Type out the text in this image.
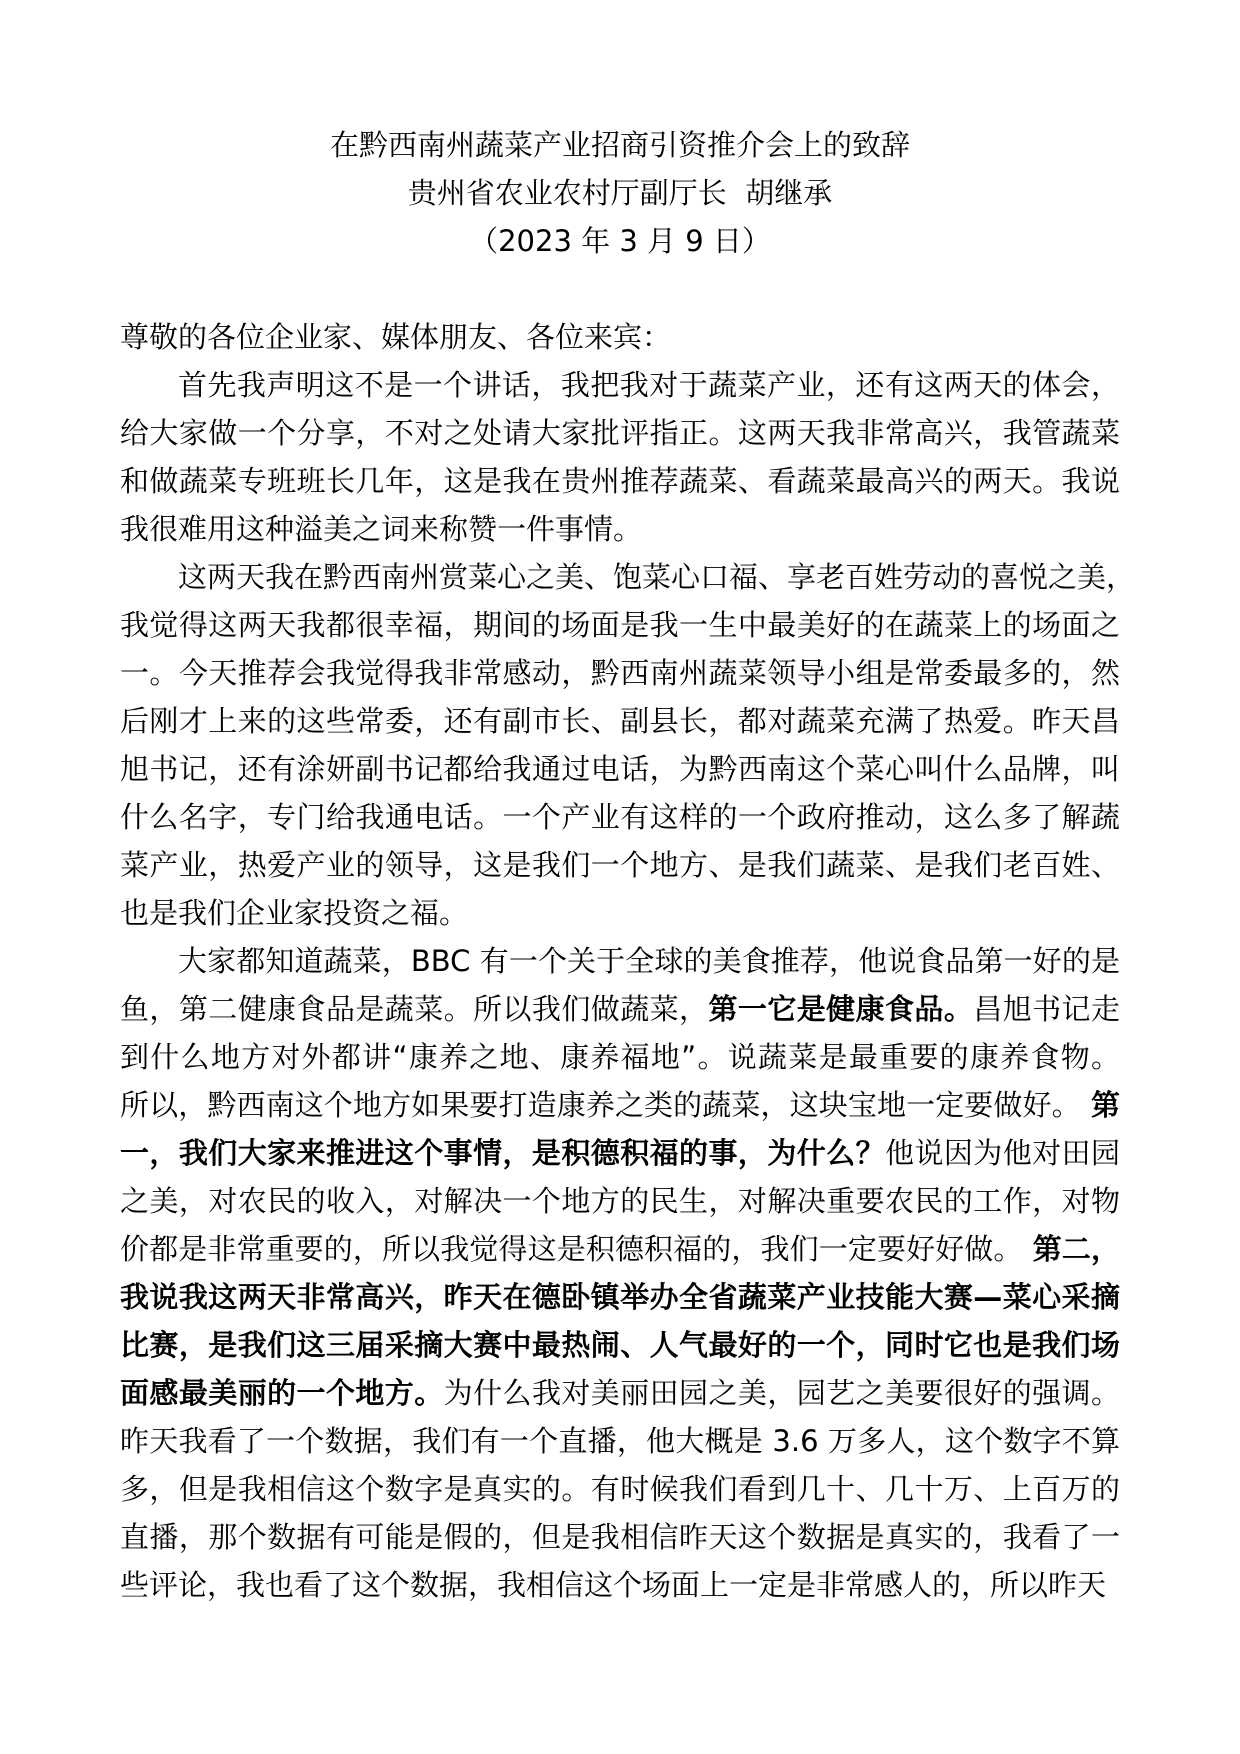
在黔西南州蔬菜产业招商引资推介会上的致辞
贵州省农业农村厅副厅长  胡继承
（2023 年 3 月 9 日）
尊敬的各位企业家、媒体朋友、各位来宾：
首先我声明这不是一个讲话，我把我对于蔬菜产业，还有这两天的体会，
给大家做一个分享，不对之处请大家批评指正。这两天我非常高兴，我管蔬菜
和做蔬菜专班班长几年，这是我在贵州推荐蔬菜、看蔬菜最高兴的两天。我说
我很难用这种溢美之词来称赞一件事情。
这两天我在黔西南州赏菜心之美、饱菜心口福、享老百姓劳动的喜悦之美，
我觉得这两天我都很幸福，期间的场面是我一生中最美好的在蔬菜上的场面之
一。今天推荐会我觉得我非常感动，黔西南州蔬菜领导小组是常委最多的，然
后刚才上来的这些常委，还有副市长、副县长，都对蔬菜充满了热爱。昨天昌
旭书记，还有涂妍副书记都给我通过电话，为黔西南这个菜心叫什么品牌，叫
什么名字，专门给我通电话。一个产业有这样的一个政府推动，这么多了解蔬
菜产业，热爱产业的领导，这是我们一个地方、是我们蔬菜、是我们老百姓、
也是我们企业家投资之福。
大家都知道蔬菜，BBC 有一个关于全球的美食推荐，他说食品第一好的是
鱼，第二健康食品是蔬菜。所以我们做蔬菜，第一它是健康食品。昌旭书记走
到什么地方对外都讲“康养之地、康养福地”。说蔬菜是最重要的康养食物。
所以，黔西南这个地方如果要打造康养之类的蔬菜，这块宝地一定要做好。 第
一，我们大家来推进这个事情，是积德积福的事，为什么？他说因为他对田园
之美，对农民的收入，对解决一个地方的民生，对解决重要农民的工作，对物
价都是非常重要的，所以我觉得这是积德积福的，我们一定要好好做。 第二，
我说我这两天非常高兴，昨天在德卧镇举办全省蔬菜产业技能大赛—菜心采摘
比赛，是我们这三届采摘大赛中最热闹、人气最好的一个，同时它也是我们场
面感最美丽的一个地方。为什么我对美丽田园之美，园艺之美要很好的强调。
昨天我看了一个数据，我们有一个直播，他大概是 3.6 万多人，这个数字不算
多，但是我相信这个数字是真实的。有时候我们看到几十、几十万、上百万的
直播，那个数据有可能是假的，但是我相信昨天这个数据是真实的，我看了一
些评论，我也看了这个数据，我相信这个场面上一定是非常感人的，所以昨天
